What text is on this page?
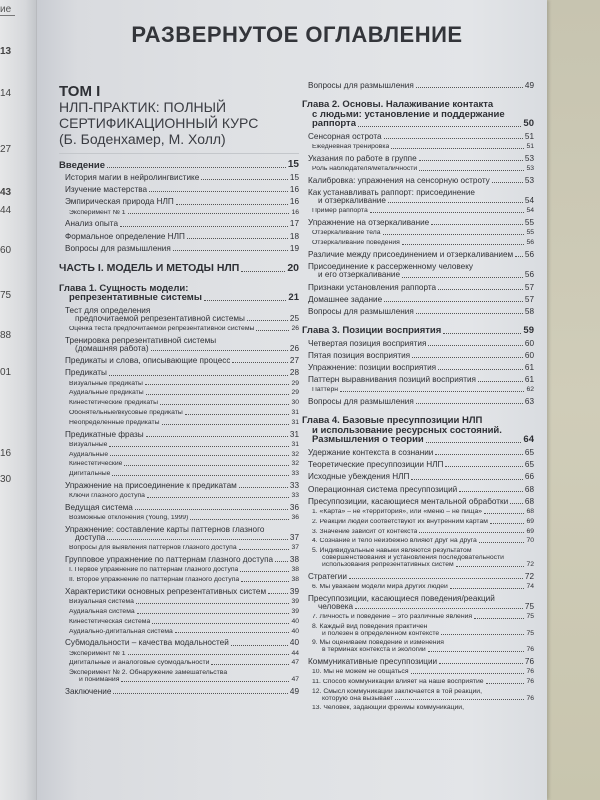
ие
13
14
27
43
44
60
75
88
01
16
30
РАЗВЕРНУТОЕ ОГЛАВЛЕНИЕ
ТОМ I
НЛП-ПРАКТИК: ПОЛНЫЙ
СЕРТИФИКАЦИОННЫЙ КУРС
(Б. Боденхамер, М. Холл)
Введение	15
История магии в нейролингвистике	15
Изучение мастерства	16
Эмпирическая природа НЛП	16
Эксперимент № 1	16
Анализ опыта	17
Формальное определение НЛП	18
Вопросы для размышления	19
ЧАСТЬ I. МОДЕЛЬ И МЕТОДЫ НЛП	20
Глава 1. Сущность модели:
репрезентативные системы	21
Тест для определения
предпочитаемой репрезентативной системы	25
Оценка теста предпочитаемой репрезентативной системы	26
Тренировка репрезентативной системы
(домашняя работа)	26
Предикаты и слова, описывающие процесс	27
Предикаты	28
Визуальные предикаты	29
Аудиальные предикаты	29
Кинестетические предикаты	30
Обонятельные/вкусовые предикаты	31
Неопределенные предикаты	31
Предикатные фразы	31
Визуальные	31
Аудиальные	32
Кинестетические	32
Дигитальные	33
Упражнение на присоединение к предикатам	33
Ключи глазного доступа	33
Ведущая система	36
Возможные отклонения (Young, 1999)	36
Упражнение: составление карты паттернов глазного
доступа	37
Вопросы для выявления паттернов глазного доступа	37
Групповое упражнение по паттернам глазного доступа 38
I. Первое упражнение по паттернам глазного доступа	38
II. Второе упражнение по паттернам глазного доступа	38
Характеристики основных репрезентативных систем	39
Визуальная система	39
Аудиальная система	39
Кинестетическая система	40
Аудиально-дигитальная система	40
Субмодальности – качества модальностей	40
Эксперимент № 1	44
Дигитальные и аналоговые субмодальности	47
Эксперимент № 2. Обнаружение замешательства
и понимания	47
Заключение	49
Вопросы для размышления	49
Глава 2. Основы. Налаживание контакта
с людьми: установление и поддержание
раппорта	50
Сенсорная острота	51
Ежедневная тренировка	51
Указания по работе в группе	53
Роль наблюдателя/металичности	53
Калибровка: упражнения на сенсорную остроту	53
Как устанавливать раппорт: присоединение
и отзеркаливание	54
Пример раппорта	54
Упражнение на отзеркаливание	55
Отзеркаливание тела	55
Отзеркаливание поведения	56
Различие между присоединением и отзеркаливанием 56
Присоединение к рассерженному человеку
и его отзеркаливание	56
Признаки установления раппорта	57
Домашнее задание	57
Вопросы для размышления	58
Глава 3. Позиции восприятия	59
Четвертая позиция восприятия	60
Пятая позиция восприятия	60
Упражнение: позиции восприятия	61
Паттерн выравнивания позиций восприятия	61
Паттерн	62
Вопросы для размышления	63
Глава 4. Базовые пресуппозиции НЛП
и использование ресурсных состояний.
Размышления о теории	64
Удержание контекста в сознании	65
Теоретические пресуппозиции НЛП	65
Исходные убеждения НЛП	66
Операционная система пресуппозиций	68
Пресуппозиции, касающиеся ментальной обработки 68
1. «Карта» – не «территория», или «меню – не пища»	68
2. Реакции людей соответствуют их внутренним картам	69
3. Значение зависит от контекста	69
4. Сознание и тело неизбежно влияют друг на друга	70
5. Индивидуальные навыки являются результатом
совершенствования и установления последовательности
использования репрезентативных систем	72
Стратегии	72
6. Мы уважаем модели мира других людей	74
Пресуппозиции, касающиеся поведения/реакций
человека	75
7. Личность и поведение – это различные явления	75
8. Каждый вид поведения практичен
и полезен в определенном контексте	75
9. Мы оцениваем поведение и изменения
в терминах контекста и экологии	76
Коммуникативные пресуппозиции	76
10. Мы не можем не общаться	76
11. Способ коммуникации влияет на наше восприятие	76
12. Смысл коммуникации заключается в той реакции,
которую она вызывает	76
13. Человек, задающий фреймы коммуникации,
